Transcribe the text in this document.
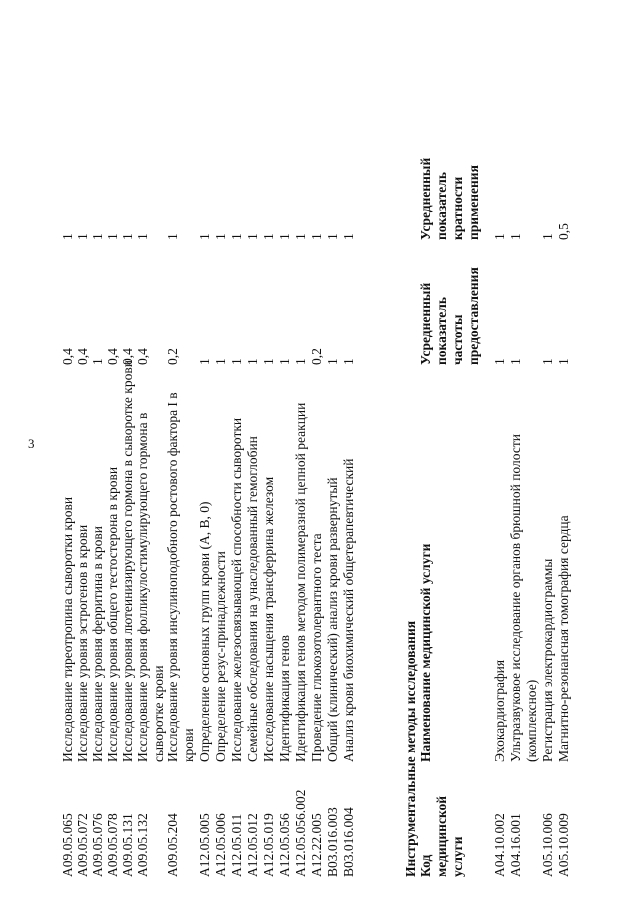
3
A09.05.065
Исследование тиреотропина сыворотки крови
0,4
1
A09.05.072
Исследование уровня эстрогенов в крови
0,4
1
A09.05.076
Исследование уровня ферритина в крови
1
1
A09.05.078
Исследование уровня общего тестостерона в крови
0,4
1
A09.05.131
Исследование уровня лютеинизирующего гормона в сыворотке крови
0,4
1
A09.05.132
Исследование уровня фолликулостимулирующего гормона в сыворотке крови
0,4
1
A09.05.204
Исследование уровня инсулиноподобного ростового фактора I в крови
0,2
1
A12.05.005
Определение основных групп крови (A, B, 0)
1
1
A12.05.006
Определение резус-принадлежности
1
1
A12.05.011
Исследование железосвязывающей способности сыворотки
1
1
A12.05.012
Семейные обследования на унаследованный гемоглобин
1
1
A12.05.019
Исследование насыщения трансферрина железом
1
1
A12.05.056
Идентификация генов
1
1
A12.05.056.002
Идентификация генов методом полимеразной цепной реакции
1
1
A12.22.005
Проведение глюкозотолерантного теста
0,2
1
B03.016.003
Общий (клинический) анализ крови развернутый
1
1
B03.016.004
Анализ крови биохимический общетерапевтический
1
1
Инструментальные методы исследования Код медицинской услуги
Наименование медицинской услуги
Усредненный показатель частоты предоставления
Усредненный показатель кратности применения
A04.10.002
Эхокардиография
1
1
A04.16.001
Ультразвуковое исследование органов брюшной полости (комплексное)
1
1
A05.10.006
Регистрация электрокардиограммы
1
1
A05.10.009
Магнитно-резонансная томография сердца
1
0,5
